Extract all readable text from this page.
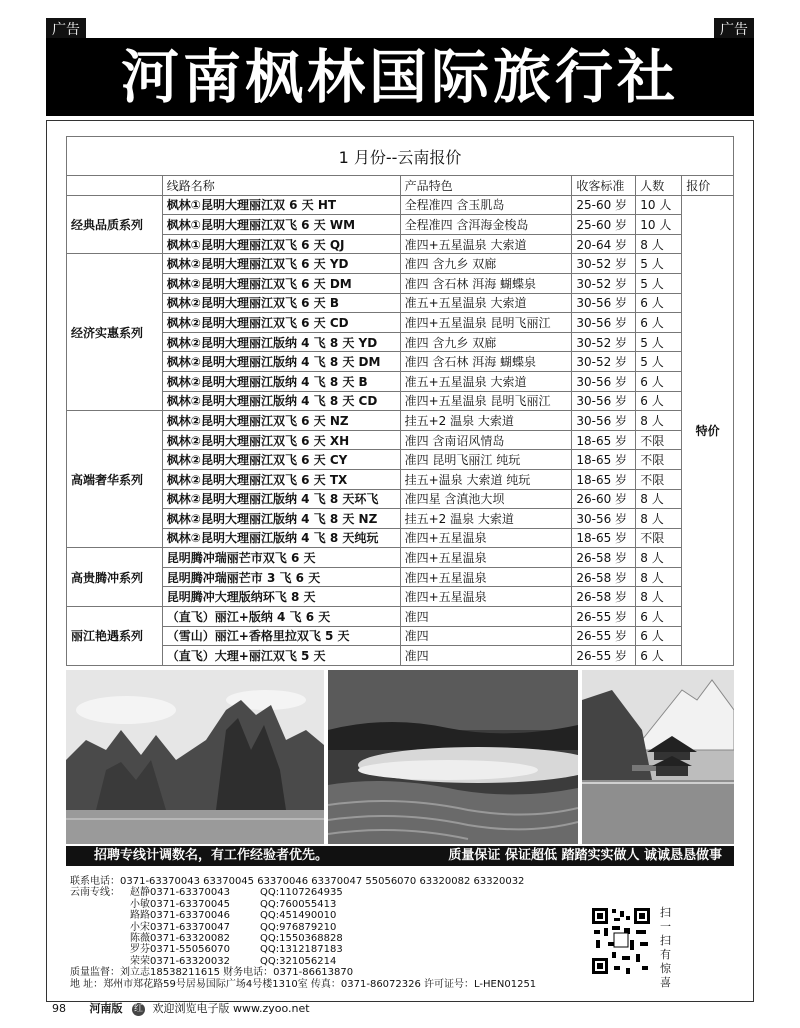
广告	广告
河南枫林国际旅行社
1 月份--云南报价					
	线路名称	产品特色	收客标准	人数	报价
经典品质系列	枫林①昆明大理丽江双 6 天 HT	全程准四 含玉肌岛	25-60 岁	10 人	特价
	枫林①昆明大理丽江双飞 6 天 WM	全程准四 含洱海金梭岛	25-60 岁	10 人	
	枫林①昆明大理丽江双飞 6 天 QJ	准四+五星温泉 大索道	20-64 岁	8 人	
经济实惠系列	枫林②昆明大理丽江双飞 6 天 YD	准四 含九乡 双廊	30-52 岁	5 人	
	枫林②昆明大理丽江双飞 6 天 DM	准四 含石林 洱海 蝴蝶泉	30-52 岁	5 人	
	枫林②昆明大理丽江双飞 6 天 B	准五+五星温泉 大索道	30-56 岁	6 人	
	枫林②昆明大理丽江双飞 6 天 CD	准四+五星温泉 昆明飞丽江	30-56 岁	6 人	
	枫林②昆明大理丽江版纳 4 飞 8 天 YD	准四 含九乡 双廊	30-52 岁	5 人	
	枫林②昆明大理丽江版纳 4 飞 8 天 DM	准四 含石林 洱海 蝴蝶泉	30-52 岁	5 人	
	枫林②昆明大理丽江版纳 4 飞 8 天 B	准五+五星温泉 大索道	30-56 岁	6 人	
	枫林②昆明大理丽江版纳 4 飞 8 天 CD	准四+五星温泉 昆明飞丽江	30-56 岁	6 人	
高端奢华系列	枫林②昆明大理丽江双飞 6 天 NZ	挂五+2 温泉 大索道	30-56 岁	8 人	
	枫林②昆明大理丽江双飞 6 天 XH	准四 含南诏风情岛	18-65 岁	不限	
	枫林②昆明大理丽江双飞 6 天 CY	准四 昆明飞丽江 纯玩	18-65 岁	不限	
	枫林②昆明大理丽江双飞 6 天 TX	挂五+温泉 大索道 纯玩	18-65 岁	不限	
	枫林②昆明大理丽江版纳 4 飞 8 天环飞	准四星 含滇池大坝	26-60 岁	8 人	
	枫林②昆明大理丽江版纳 4 飞 8 天 NZ	挂五+2 温泉 大索道	30-56 岁	8 人	
	枫林②昆明大理丽江版纳 4 飞 8 天纯玩	准四+五星温泉	18-65 岁	不限	
高贵腾冲系列	昆明腾冲瑞丽芒市双飞 6 天	准四+五星温泉	26-58 岁	8 人	
	昆明腾冲瑞丽芒市 3 飞 6 天	准四+五星温泉	26-58 岁	8 人	
	昆明腾冲大理版纳环飞 8 天	准四+五星温泉	26-58 岁	8 人	
丽江艳遇系列	（直飞）丽江+版纳 4 飞 6 天	准四	26-55 岁	6 人	
	（雪山）丽江+香格里拉双飞 5 天	准四	26-55 岁	6 人	
	（直飞）大理+丽江双飞 5 天	准四	26-55 岁	6 人	
招聘专线计调数名，有工作经验者优先。	质量保证 保证超低 踏踏实实做人 诚诚恳恳做事
联系电话：0371-63370043 63370045 63370046 63370047 55056070 63320082 63320032
云南专线： 赵静0371-63370043	QQ:1107264935
小敏0371-63370045	QQ:760055413
路路0371-63370046	QQ:451490010
小宋0371-63370047	QQ:976879210
陈薇0371-63320082	QQ:1550368828
罗芬0371-55056070	QQ:1312187183
荣荣0371-63320032	QQ:321056214
质量监督：刘立志18538211615 财务电话：0371-86613870
地 址：郑州市郑花路59号居易国际广场4号楼1310室 传真：0371-86072326 许可证号：L-HEN01251
扫一扫有惊喜
98 河南版 红 欢迎浏览电子版 www.zyoo.net
